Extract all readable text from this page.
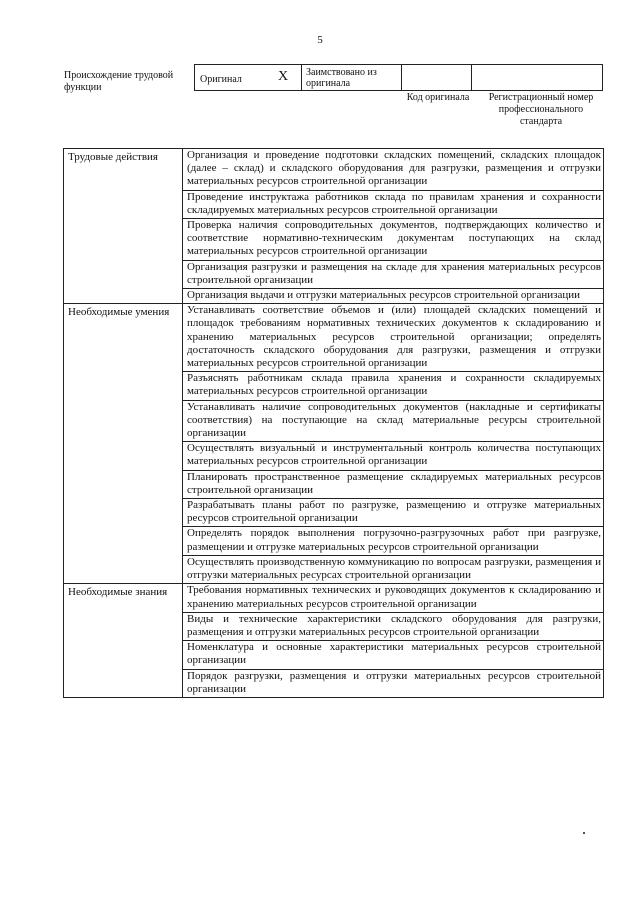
5
Происхождение трудовой функции
Оригинал	X	Заимствовано из оригинала
Код оригинала	Регистрационный номер профессионального стандарта
Трудовые действия	Организация и проведение подготовки складских помещений, складских площадок (далее – склад) и складского оборудования для разгрузки, размещения и отгрузки материальных ресурсов строительной организации
Проведение инструктажа работников склада по правилам хранения и сохранности складируемых материальных ресурсов строительной организации
Проверка наличия сопроводительных документов, подтверждающих количество и соответствие нормативно-техническим документам поступающих на склад материальных ресурсов строительной организации
Организация разгрузки и размещения на складе для хранения материальных ресурсов строительной организации
Организация выдачи и отгрузки материальных ресурсов строительной организации
Необходимые умения	Устанавливать соответствие объемов и (или) площадей складских помещений и площадок требованиям нормативных технических документов к складированию и хранению материальных ресурсов строительной организации; определять достаточность складского оборудования для разгрузки, размещения и отгрузки материальных ресурсов строительной организации
Разъяснять работникам склада правила хранения и сохранности складируемых материальных ресурсов строительной организации
Устанавливать наличие сопроводительных документов (накладные и сертификаты соответствия) на поступающие на склад материальные ресурсы строительной организации
Осуществлять визуальный и инструментальный контроль количества поступающих материальных ресурсов строительной организации
Планировать пространственное размещение складируемых материальных ресурсов строительной организации
Разрабатывать планы работ по разгрузке, размещению и отгрузке материальных ресурсов строительной организации
Определять порядок выполнения погрузочно-разгрузочных работ при разгрузке, размещении и отгрузке материальных ресурсов строительной организации
Осуществлять производственную коммуникацию по вопросам разгрузки, размещения и отгрузки материальных ресурсах строительной организации
Необходимые знания	Требования нормативных технических и руководящих документов к складированию и хранению материальных ресурсов строительной организации
Виды и технические характеристики складского оборудования для разгрузки, размещения и отгрузки материальных ресурсов строительной организации
Номенклатура и основные характеристики материальных ресурсов строительной организации
Порядок разгрузки, размещения и отгрузки материальных ресурсов строительной организации
